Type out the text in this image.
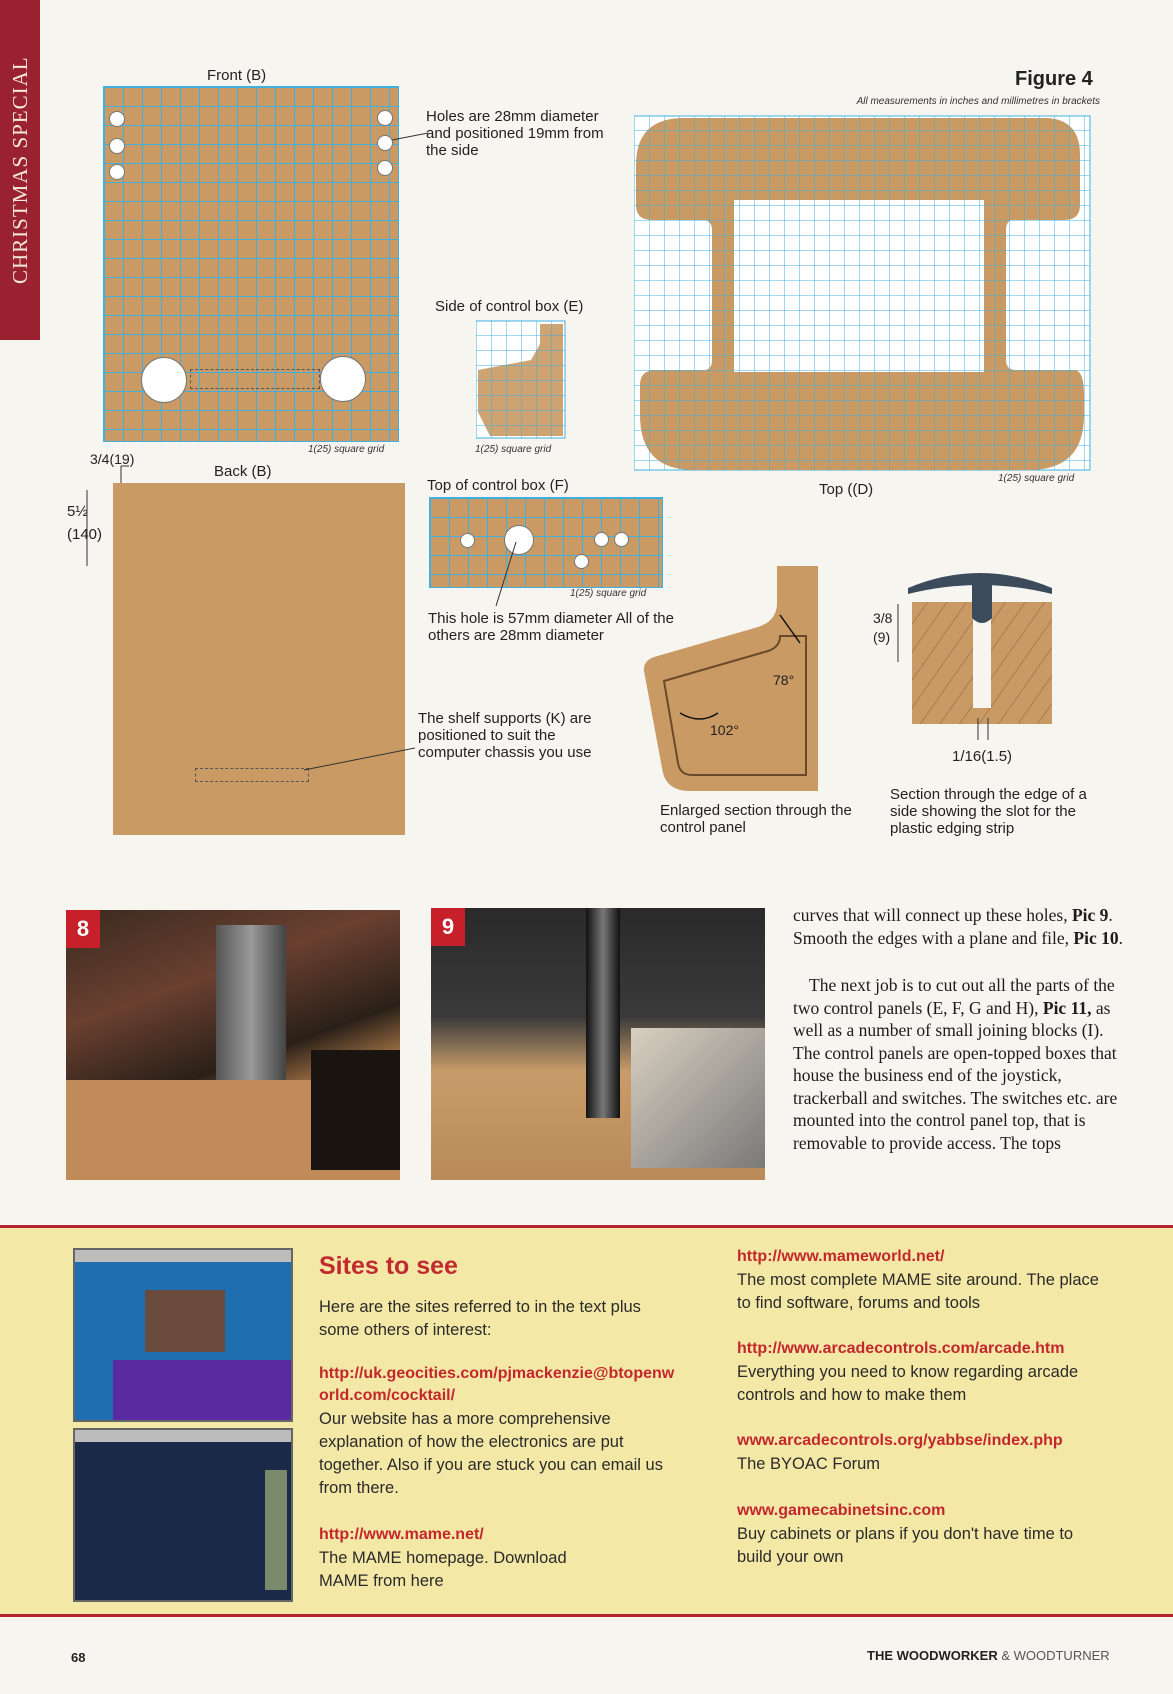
CHRISTMAS SPECIAL	Figure 4
All measurements in inches and millimetres in brackets
Front (B)
1(25) square grid
Holes are 28mm diameter and positioned 19mm from the side
3/4(19)
Back (B)
5½
(140)
The shelf supports (K) are positioned to suit the computer chassis you use
Side of control box (E)
1(25) square grid
Top of control box (F)
1(25) square grid
This hole is 57mm diameter All of the others are 28mm diameter
1(25) square grid
Top ((D)
78°
102°
Enlarged section through the control panel
3/8
(9)
1/16(1.5)
Section through the edge of a side showing the slot for the plastic edging strip
8	9	curves that will connect up these holes, Pic 9. Smooth the edges with a plane and file, Pic 10.
The next job is to cut out all the parts of the two control panels (E, F, G and H), Pic 11, as well as a number of small joining blocks (I). The control panels are open-topped boxes that house the business end of the joystick, trackerball and switches. The switches etc. are mounted into the control panel top, that is removable to provide access. The tops
Sites to see
Here are the sites referred to in the text plus some others of interest:
http://uk.geocities.com/pjmackenzie@btopenworld.com/cocktail/
Our website has a more comprehensive explanation of how the electronics are put together. Also if you are stuck you can email us from there.
http://www.mame.net/
The MAME homepage. Download MAME from here
http://www.mameworld.net/
The most complete MAME site around. The place to find software, forums and tools
http://www.arcadecontrols.com/arcade.htm
Everything you need to know regarding arcade controls and how to make them
www.arcadecontrols.org/yabbse/index.php
The BYOAC Forum
www.gamecabinetsinc.com
Buy cabinets or plans if you don't have time to build your own
68	THE WOODWORKER & WOODTURNER
